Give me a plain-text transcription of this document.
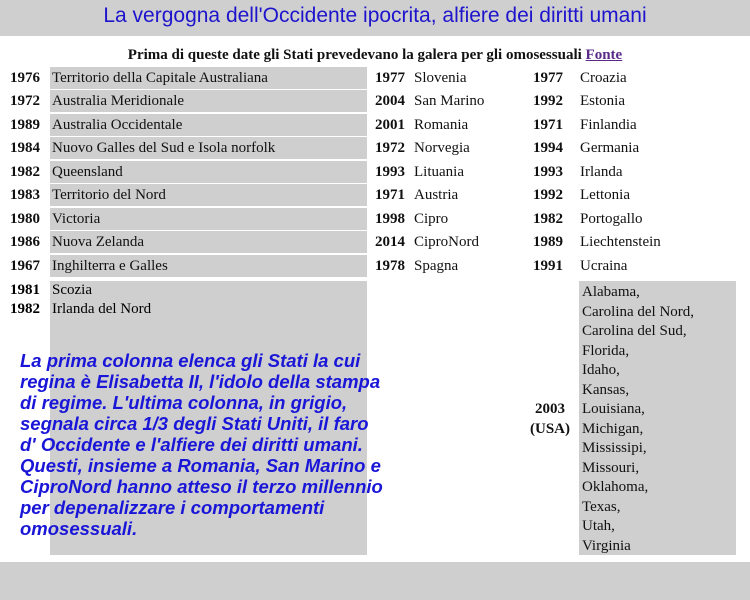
La vergogna dell'Occidente ipocrita, alfiere dei diritti umani
Prima di queste date gli Stati prevedevano la galera per gli omosessuali Fonte
1976 Territorio della Capitale Australiana
1972 Australia Meridionale
1989 Australia Occidentale
1984 Nuovo Galles del Sud e Isola norfolk
1982 Queensland
1983 Territorio del Nord
1980 Victoria
1986 Nuova Zelanda
1967 Inghilterra e Galles
1977 Slovenia
2004 San Marino
2001 Romania
1972 Norvegia
1993 Lituania
1971 Austria
1998 Cipro
2014 CiproNord
1978 Spagna
1977 Croazia
1992 Estonia
1971 Finlandia
1994 Germania
1993 Irlanda
1992 Lettonia
1982 Portogallo
1989 Liechtenstein
1991 Ucraina
1981 Scozia
1982 Irlanda del Nord
2003
(USA)
Alabama,
Carolina del Nord,
Carolina del Sud,
Florida,
Idaho,
Kansas,
Louisiana,
Michigan,
Mississipi,
Missouri,
Oklahoma,
Texas,
Utah,
Virginia
La prima colonna elenca gli Stati la cui
regina è Elisabetta II, l'idolo della stampa
di regime. L'ultima colonna, in grigio,
segnala circa 1/3 degli Stati Uniti, il faro
d' Occidente e l'alfiere dei diritti umani.
Questi, insieme a Romania, San Marino e
CiproNord hanno atteso il terzo millennio
per depenalizzare i comportamenti
omosessuali.
